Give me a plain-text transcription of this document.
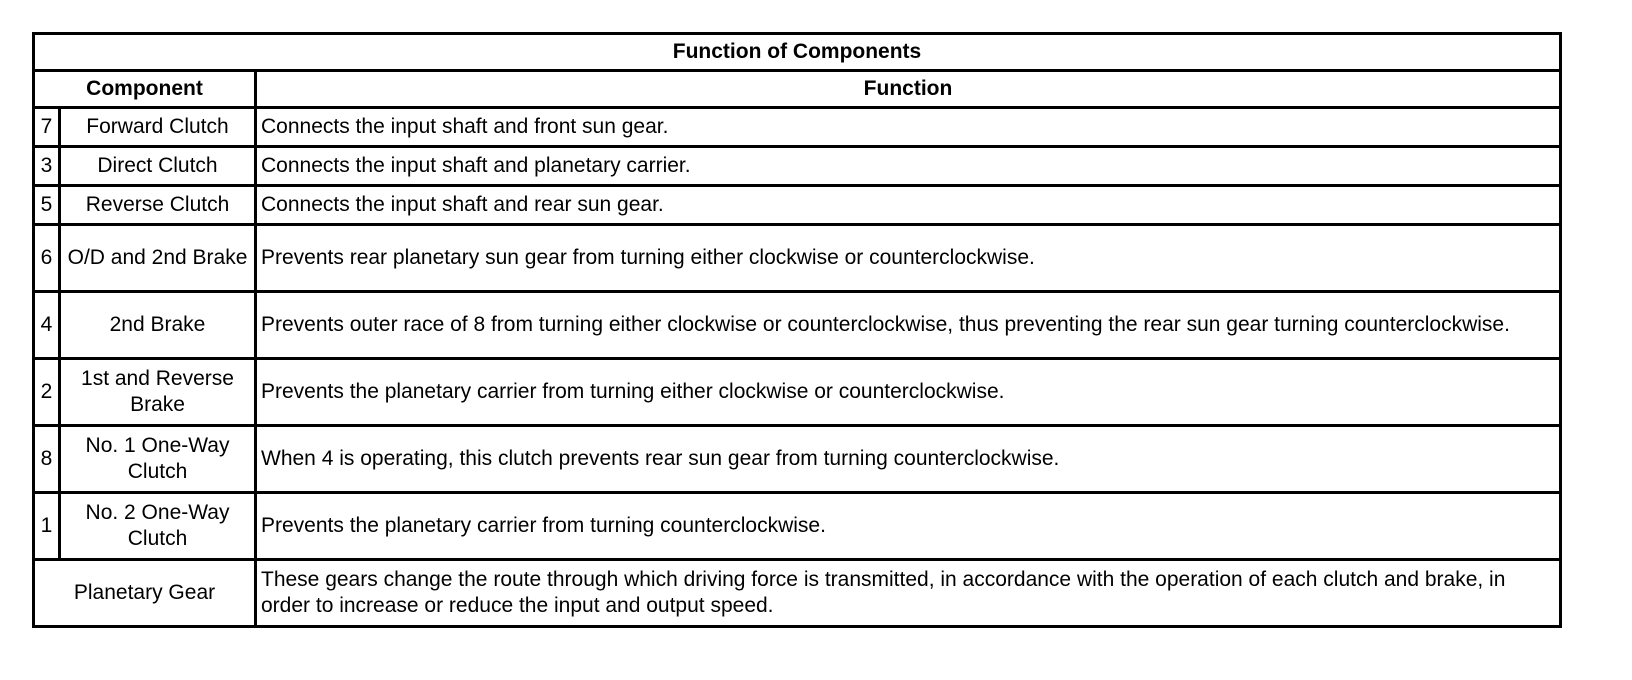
Function of Components		
Component		Function
7	Forward Clutch	Connects the input shaft and front sun gear.
3	Direct Clutch	Connects the input shaft and planetary carrier.
5	Reverse Clutch	Connects the input shaft and rear sun gear.
6	O/D and 2nd Brake	Prevents rear planetary sun gear from turning either clockwise or counterclockwise.
4	2nd Brake	Prevents outer race of 8 from turning either clockwise or counterclockwise, thus preventing the rear sun gear turning counterclockwise.
2	1st and Reverse Brake	Prevents the planetary carrier from turning either clockwise or counterclockwise.
8	No. 1 One-Way Clutch	When 4 is operating, this clutch prevents rear sun gear from turning counterclockwise.
1	No. 2 One-Way Clutch	Prevents the planetary carrier from turning counterclockwise.
Planetary Gear		These gears change the route through which driving force is transmitted, in accordance with the operation of each clutch and brake, in order to increase or reduce the input and output speed.
